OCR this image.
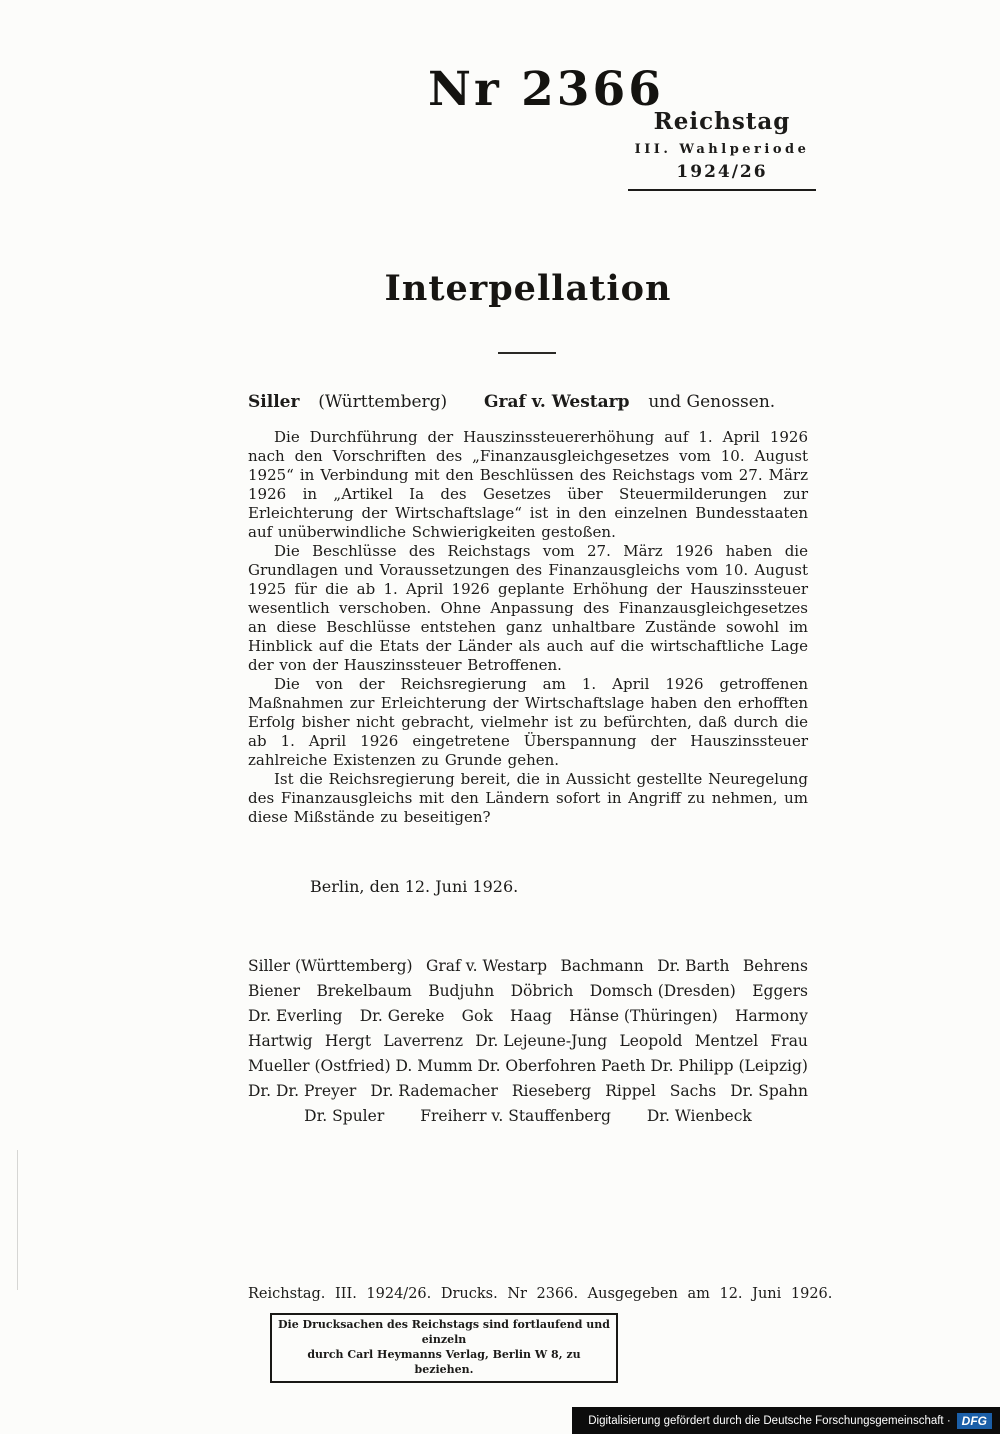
Nr 2366
Reichstag
III. Wahlperiode
1924/26
Interpellation
Siller (Württemberg) Graf v. Westarp und Genossen.

Die Durchführung der Hauszinssteuererhöhung auf 1. April 1926 nach den Vorschriften des „Finanzausgleichgesetzes vom 10. August 1925“ in Verbindung mit den Beschlüssen des Reichstags vom 27. März 1926 in „Artikel Ia des Gesetzes über Steuermilderungen zur Erleichterung der Wirtschaftslage“ ist in den einzelnen Bundesstaaten auf unüberwindliche Schwierigkeiten gestoßen.

Die Beschlüsse des Reichstags vom 27. März 1926 haben die Grundlagen und Voraussetzungen des Finanzausgleichs vom 10. August 1925 für die ab 1. April 1926 geplante Erhöhung der Hauszinssteuer wesentlich verschoben. Ohne Anpassung des Finanzausgleichgesetzes an diese Beschlüsse entstehen ganz unhaltbare Zustände sowohl im Hinblick auf die Etats der Länder als auch auf die wirtschaftliche Lage der von der Hauszinssteuer Betroffenen.

Die von der Reichsregierung am 1. April 1926 getroffenen Maßnahmen zur Erleichterung der Wirtschaftslage haben den erhofften Erfolg bisher nicht gebracht, vielmehr ist zu befürchten, daß durch die ab 1. April 1926 eingetretene Überspannung der Hauszinssteuer zahlreiche Existenzen zu Grunde gehen.

Ist die Reichsregierung bereit, die in Aussicht gestellte Neuregelung des Finanzausgleichs mit den Ländern sofort in Angriff zu nehmen, um diese Mißstände zu beseitigen?

Berlin, den 12. Juni 1926.
Siller (Württemberg) Graf v. Westarp Bachmann Dr. Barth Behrens
Biener Brekelbaum Budjuhn Döbrich Domsch (Dresden) Eggers
Dr. Everling Dr. Gereke Gok Haag Hänse (Thüringen) Harmony
Hartwig Hergt Laverrenz Dr. Lejeune-Jung Leopold Mentzel Frau
Mueller (Ostfried) D. Mumm Dr. Oberfohren Paeth Dr. Philipp (Leipzig)
Dr. Dr. Preyer Dr. Rademacher Rieseberg Rippel Sachs Dr. Spahn
Dr. Spuler Freiherr v. Stauffenberg Dr. Wienbeck
Reichstag. III. 1924/26. Drucks. Nr 2366. Ausgegeben am 12. Juni 1926.
Die Drucksachen des Reichstags sind fortlaufend und einzeln
durch Carl Heymanns Verlag, Berlin W 8, zu beziehen.
Digitalisierung gefördert durch die Deutsche Forschungsgemeinschaft · DFG
